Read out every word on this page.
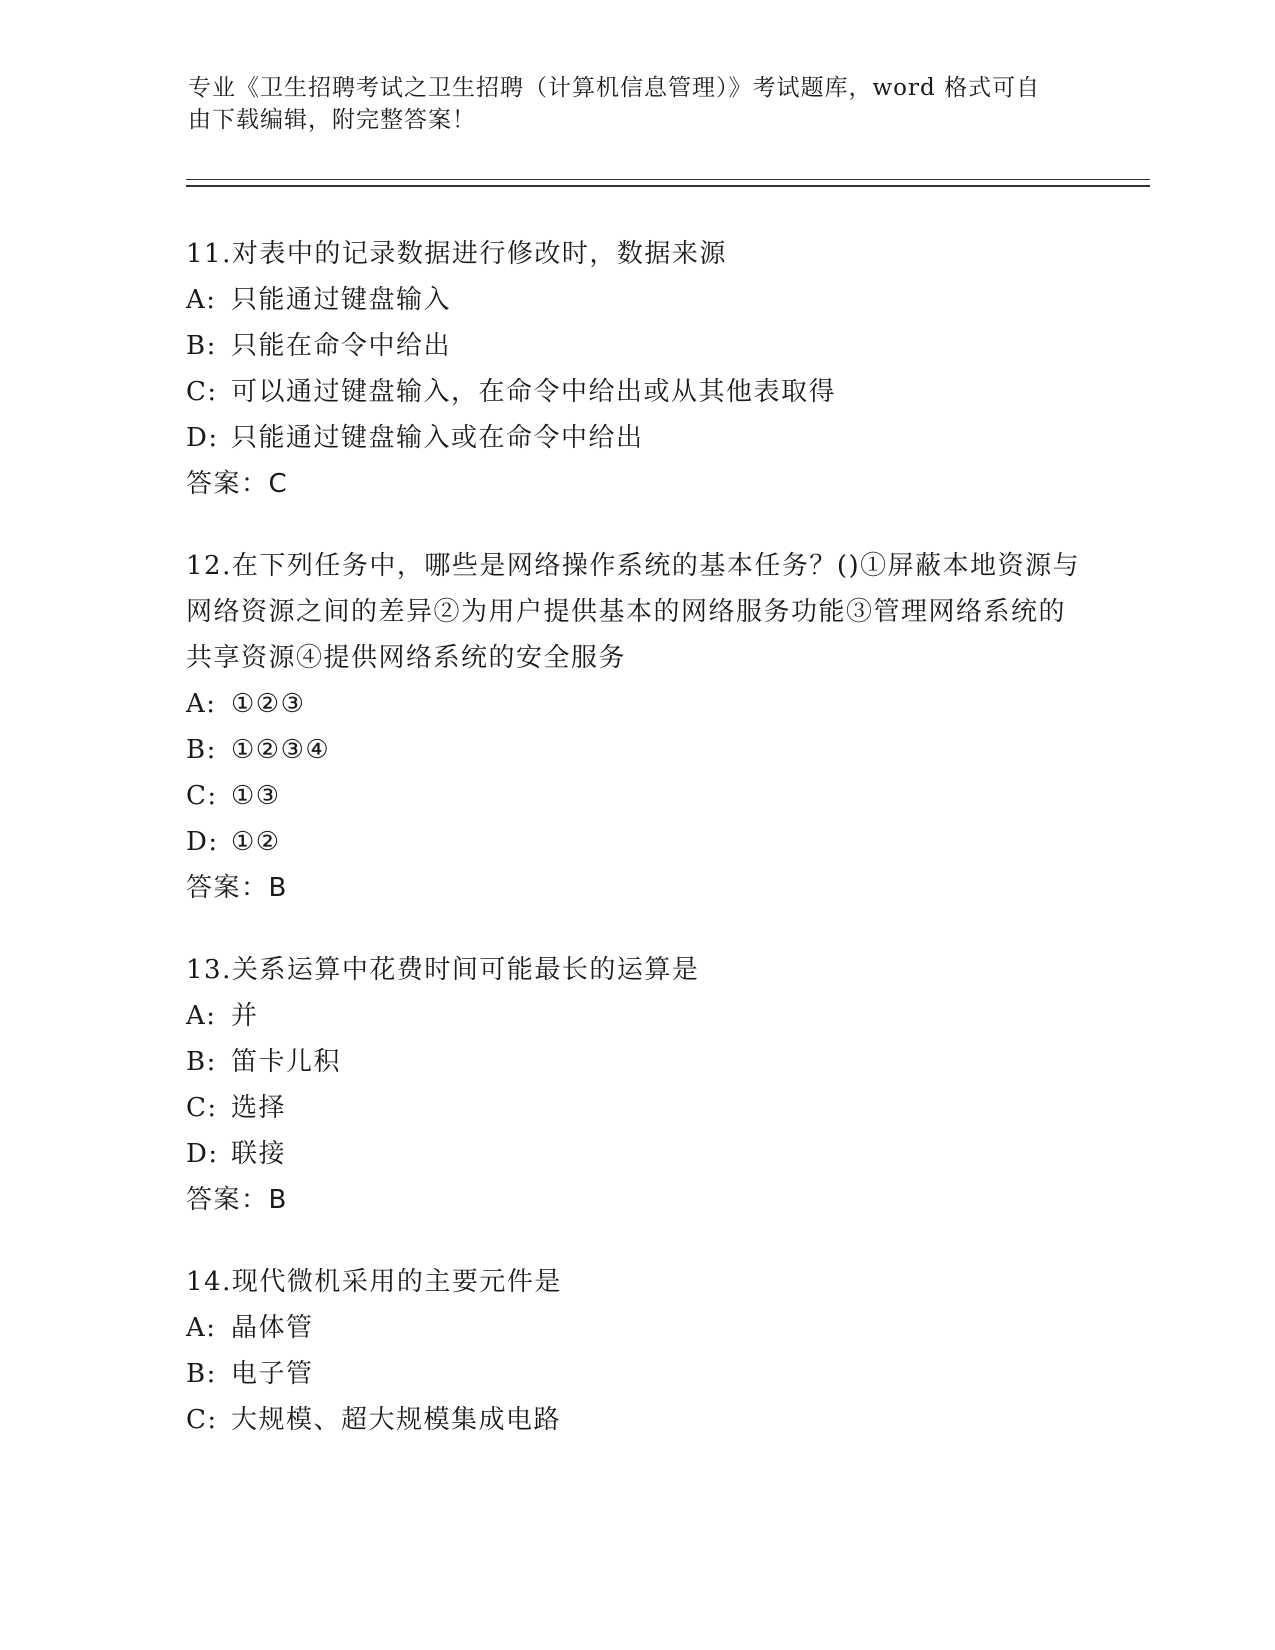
专业《卫生招聘考试之卫生招聘（计算机信息管理）》考试题库，word 格式可自

由下载编辑，附完整答案！

11.对表中的记录数据进行修改时，数据来源

A: 只能通过键盘输入

B: 只能在命令中给出

C: 可以通过键盘输入，在命令中给出或从其他表取得

D: 只能通过键盘输入或在命令中给出

答案：C

12.在下列任务中，哪些是网络操作系统的基本任务？()①屏蔽本地资源与网络资源之间的差异②为用户提供基本的网络服务功能③管理网络系统的共享资源④提供网络系统的安全服务

A: ①②③

B: ①②③④

C: ①③

D: ①②

答案：B

13.关系运算中花费时间可能最长的运算是

A: 并

B: 笛卡儿积

C: 选择

D: 联接

答案：B

14.现代微机采用的主要元件是

A: 晶体管

B: 电子管

C: 大规模、超大规模集成电路
